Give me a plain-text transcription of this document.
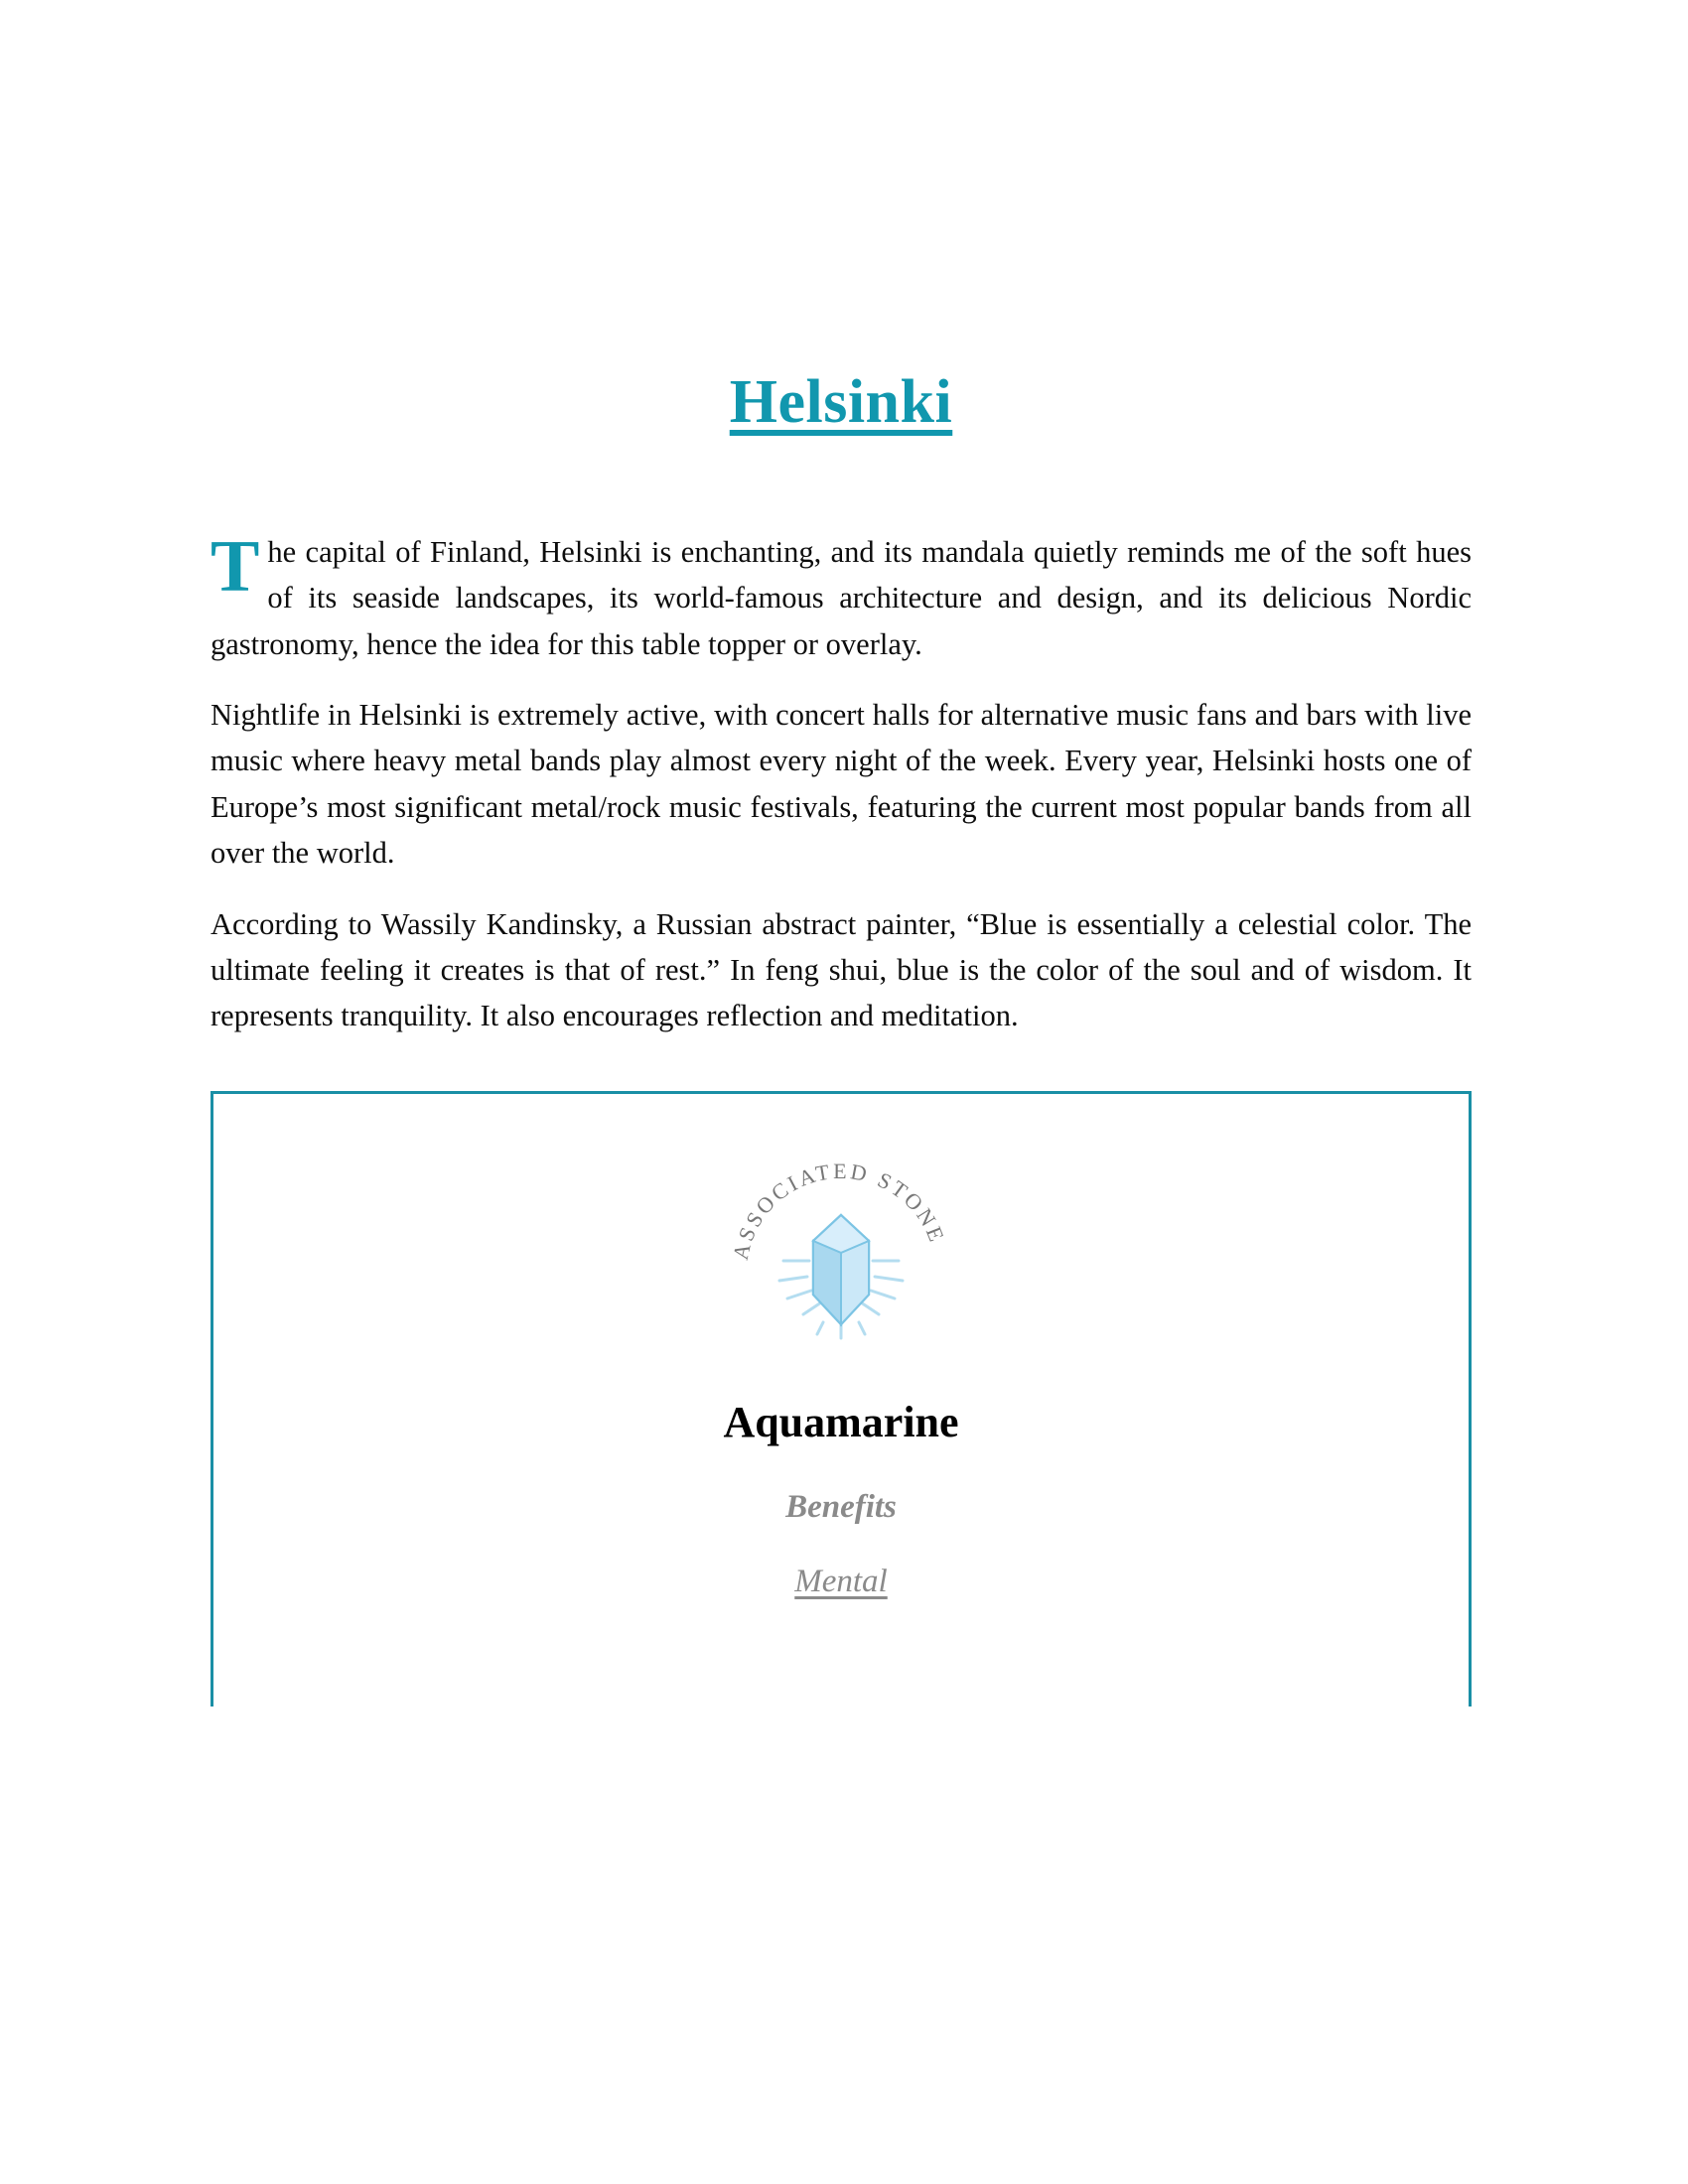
Helsinki

The capital of Finland, Helsinki is enchanting, and its mandala quietly reminds me of the soft hues of its seaside landscapes, its world-famous architecture and design, and its delicious Nordic gastronomy, hence the idea for this table topper or overlay.

Nightlife in Helsinki is extremely active, with concert halls for alternative music fans and bars with live music where heavy metal bands play almost every night of the week. Every year, Helsinki hosts one of Europe’s most significant metal/rock music festivals, featuring the current most popular bands from all over the world.

According to Wassily Kandinsky, a Russian abstract painter, “Blue is essentially a celestial color. The ultimate feeling it creates is that of rest.” In feng shui, blue is the color of the soul and of wisdom. It represents tranquility. It also encourages reflection and meditation.

ASSOCIATED STONE
Aquamarine
Benefits
Mental
